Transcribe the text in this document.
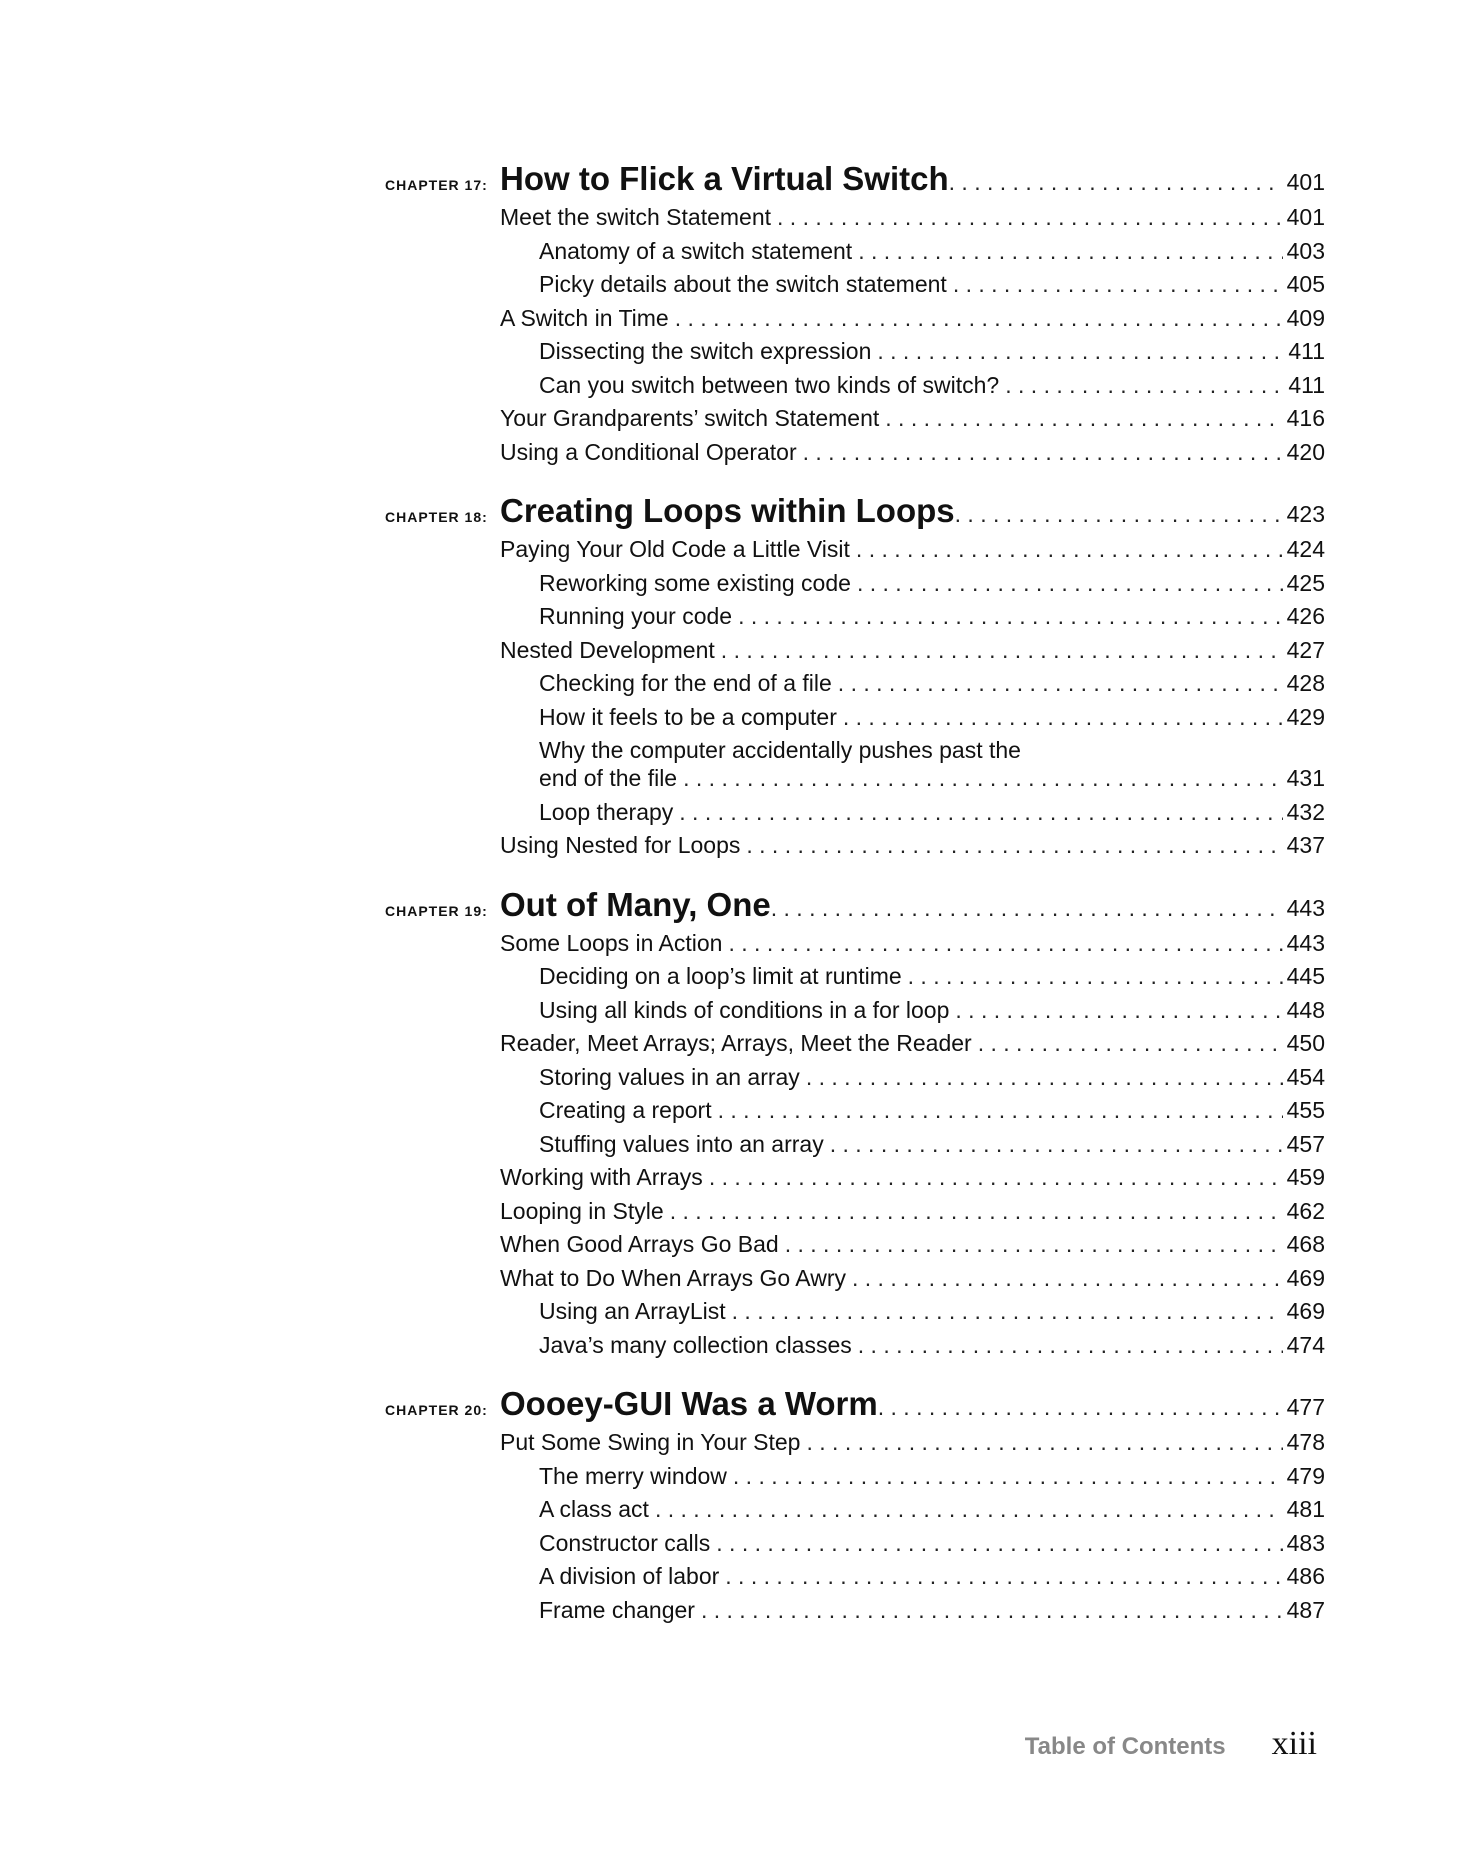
CHAPTER 17: How to Flick a Virtual Switch . . .	401
Meet the switch Statement . . .	401
Anatomy of a switch statement . . .	403
Picky details about the switch statement . . .	405
A Switch in Time . . .	409
Dissecting the switch expression . . .	411
Can you switch between two kinds of switch? . . .	411
Your Grandparents’ switch Statement . . .	416
Using a Conditional Operator . . .	420
CHAPTER 18: Creating Loops within Loops . . .	423
Paying Your Old Code a Little Visit . . .	424
Reworking some existing code . . .	425
Running your code . . .	426
Nested Development . . .	427
Checking for the end of a file . . .	428
How it feels to be a computer . . .	429
Why the computer accidentally pushes past the
end of the file . . .	431
Loop therapy . . .	432
Using Nested for Loops . . .	437
CHAPTER 19: Out of Many, One . . .	443
Some Loops in Action . . .	443
Deciding on a loop’s limit at runtime . . .	445
Using all kinds of conditions in a for loop . . .	448
Reader, Meet Arrays; Arrays, Meet the Reader . . .	450
Storing values in an array . . .	454
Creating a report . . .	455
Stuffing values into an array . . .	457
Working with Arrays . . .	459
Looping in Style . . .	462
When Good Arrays Go Bad . . .	468
What to Do When Arrays Go Awry . . .	469
Using an ArrayList . . .	469
Java’s many collection classes . . .	474
CHAPTER 20: Oooey-GUI Was a Worm . . .	477
Put Some Swing in Your Step . . .	478
The merry window . . .	479
A class act . . .	481
Constructor calls . . .	483
A division of labor . . .	486
Frame changer . . .	487
Table of Contents xiii
